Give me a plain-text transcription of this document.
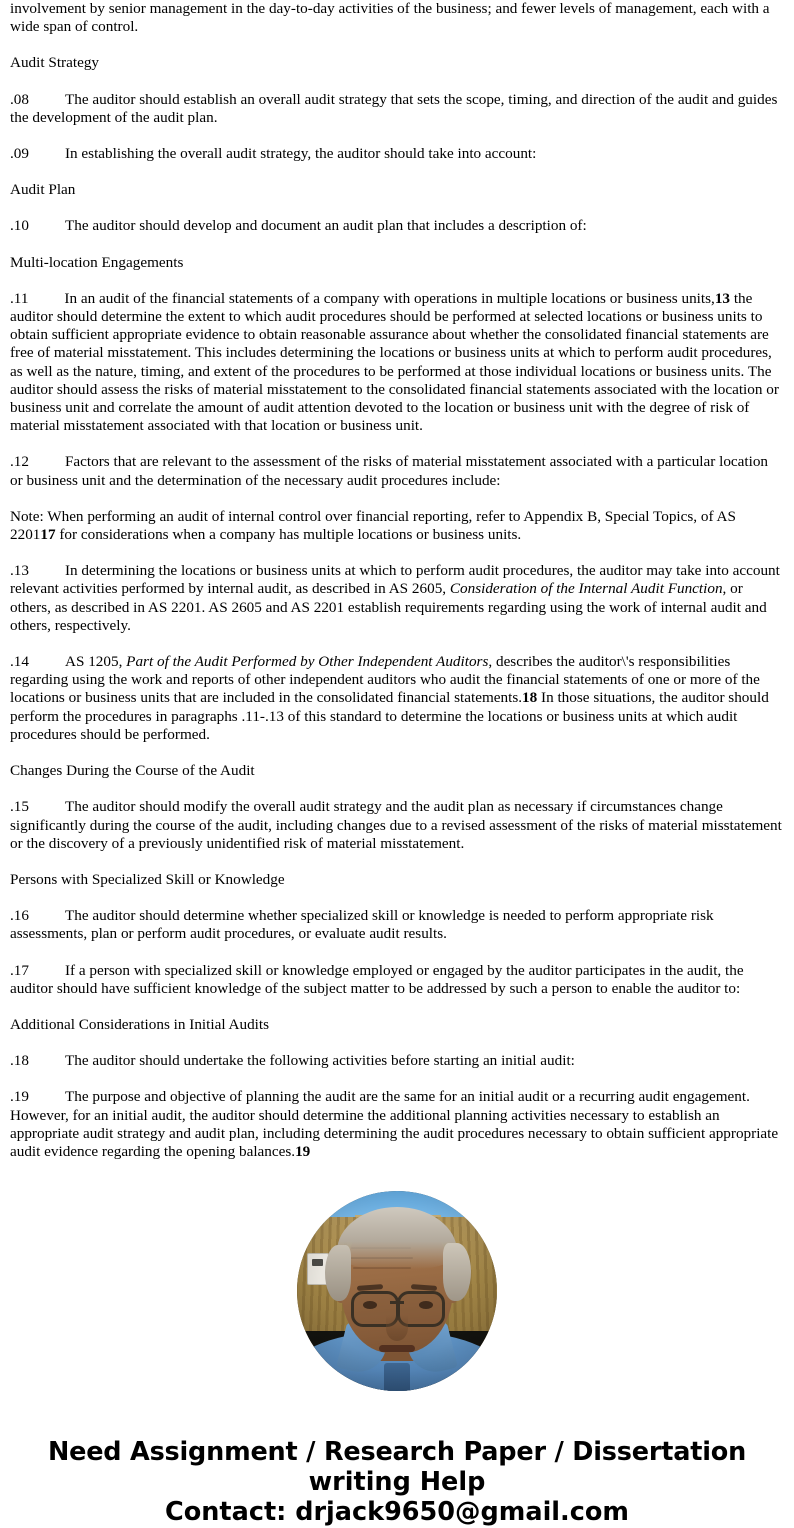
involvement by senior management in the day-to-day activities of the business; and fewer levels of management, each with a wide span of control.

Audit Strategy

.08 The auditor should establish an overall audit strategy that sets the scope, timing, and direction of the audit and guides the development of the audit plan.

.09 In establishing the overall audit strategy, the auditor should take into account:

Audit Plan

.10 The auditor should develop and document an audit plan that includes a description of:

Multi-location Engagements

.11 In an audit of the financial statements of a company with operations in multiple locations or business units,13 the auditor should determine the extent to which audit procedures should be performed at selected locations or business units to obtain sufficient appropriate evidence to obtain reasonable assurance about whether the consolidated financial statements are free of material misstatement. This includes determining the locations or business units at which to perform audit procedures, as well as the nature, timing, and extent of the procedures to be performed at those individual locations or business units. The auditor should assess the risks of material misstatement to the consolidated financial statements associated with the location or business unit and correlate the amount of audit attention devoted to the location or business unit with the degree of risk of material misstatement associated with that location or business unit.

.12 Factors that are relevant to the assessment of the risks of material misstatement associated with a particular location or business unit and the determination of the necessary audit procedures include:

Note: When performing an audit of internal control over financial reporting, refer to Appendix B, Special Topics, of AS 220117 for considerations when a company has multiple locations or business units.

.13 In determining the locations or business units at which to perform audit procedures, the auditor may take into account relevant activities performed by internal audit, as described in AS 2605, Consideration of the Internal Audit Function, or others, as described in AS 2201. AS 2605 and AS 2201 establish requirements regarding using the work of internal audit and others, respectively.

.14 AS 1205, Part of the Audit Performed by Other Independent Auditors, describes the auditor\'s responsibilities regarding using the work and reports of other independent auditors who audit the financial statements of one or more of the locations or business units that are included in the consolidated financial statements.18 In those situations, the auditor should perform the procedures in paragraphs .11-.13 of this standard to determine the locations or business units at which audit procedures should be performed.

Changes During the Course of the Audit

.15 The auditor should modify the overall audit strategy and the audit plan as necessary if circumstances change significantly during the course of the audit, including changes due to a revised assessment of the risks of material misstatement or the discovery of a previously unidentified risk of material misstatement.

Persons with Specialized Skill or Knowledge

.16 The auditor should determine whether specialized skill or knowledge is needed to perform appropriate risk assessments, plan or perform audit procedures, or evaluate audit results.

.17 If a person with specialized skill or knowledge employed or engaged by the auditor participates in the audit, the auditor should have sufficient knowledge of the subject matter to be addressed by such a person to enable the auditor to:

Additional Considerations in Initial Audits

.18 The auditor should undertake the following activities before starting an initial audit:

.19 The purpose and objective of planning the audit are the same for an initial audit or a recurring audit engagement. However, for an initial audit, the auditor should determine the additional planning activities necessary to establish an appropriate audit strategy and audit plan, including determining the audit procedures necessary to obtain sufficient appropriate audit evidence regarding the opening balances.19

Need Assignment / Research Paper / Dissertation
writing Help
Contact: drjack9650@gmail.com
